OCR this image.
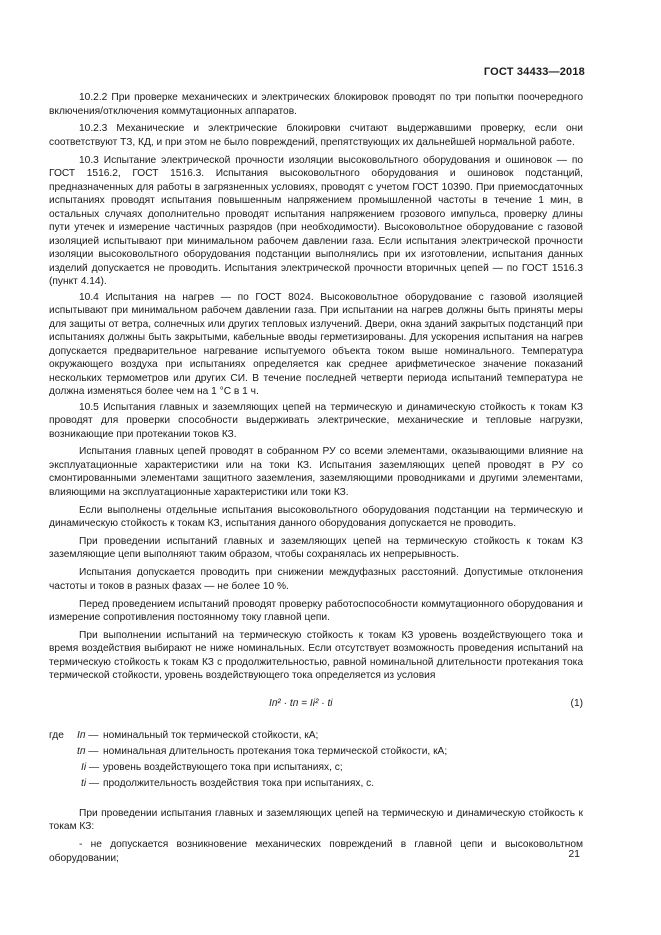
ГОСТ 34433—2018

10.2.2 При проверке механических и электрических блокировок проводят по три попытки поочередного включения/отключения коммутационных аппаратов.

10.2.3 Механические и электрические блокировки считают выдержавшими проверку, если они соответствуют ТЗ, КД, и при этом не было повреждений, препятствующих их дальнейшей нормальной работе.

10.3 Испытание электрической прочности изоляции высоковольтного оборудования и ошиновок — по ГОСТ 1516.2, ГОСТ 1516.3. Испытания высоковольтного оборудования и ошиновок подстанций, предназначенных для работы в загрязненных условиях, проводят с учетом ГОСТ 10390. При приемосдаточных испытаниях проводят испытания повышенным напряжением промышленной частоты в течение 1 мин, в остальных случаях дополнительно проводят испытания напряжением грозового импульса, проверку длины пути утечек и измерение частичных разрядов (при необходимости). Высоковольтное оборудование с газовой изоляцией испытывают при минимальном рабочем давлении газа. Если испытания электрической прочности изоляции высоковольтного оборудования подстанции выполнялись при их изготовлении, испытания данных изделий допускается не проводить. Испытания электрической прочности вторичных цепей — по ГОСТ 1516.3 (пункт 4.14).

10.4 Испытания на нагрев — по ГОСТ 8024. Высоковольтное оборудование с газовой изоляцией испытывают при минимальном рабочем давлении газа. При испытании на нагрев должны быть приняты меры для защиты от ветра, солнечных или других тепловых излучений. Двери, окна зданий закрытых подстанций при испытаниях должны быть закрытыми, кабельные вводы герметизированы. Для ускорения испытания на нагрев допускается предварительное нагревание испытуемого объекта током выше номинального. Температура окружающего воздуха при испытаниях определяется как среднее арифметическое значение показаний нескольких термометров или других СИ. В течение последней четверти периода испытаний температура не должна изменяться более чем на 1 °С в 1 ч.

10.5 Испытания главных и заземляющих цепей на термическую и динамическую стойкость к токам КЗ проводят для проверки способности выдерживать электрические, механические и тепловые нагрузки, возникающие при протекании токов КЗ.

Испытания главных цепей проводят в собранном РУ со всеми элементами, оказывающими влияние на эксплуатационные характеристики или на токи КЗ. Испытания заземляющих цепей проводят в РУ со смонтированными элементами защитного заземления, заземляющими проводниками и другими элементами, влияющими на эксплуатационные характеристики или токи КЗ.

Если выполнены отдельные испытания высоковольтного оборудования подстанции на термическую и динамическую стойкость к токам КЗ, испытания данного оборудования допускается не проводить.

При проведении испытаний главных и заземляющих цепей на термическую стойкость к токам КЗ заземляющие цепи выполняют таким образом, чтобы сохранялась их непрерывность.

Испытания допускается проводить при снижении междуфазных расстояний. Допустимые отклонения частоты и токов в разных фазах — не более 10 %.

Перед проведением испытаний проводят проверку работоспособности коммутационного оборудования и измерение сопротивления постоянному току главной цепи.

При выполнении испытаний на термическую стойкость к токам КЗ уровень воздействующего тока и время воздействия выбирают не ниже номинальных. Если отсутствует возможность проведения испытаний на термическую стойкость к токам КЗ с продолжительностью, равной номинальной длительности протекания тока термической стойкости, уровень воздействующего тока определяется из условия

Iп² · tп = Ii² · tі	(1)
где Iп — номинальный ток термической стойкости, кА;
tп — номинальная длительность протекания тока термической стойкости, кА;
Ii — уровень воздействующего тока при испытаниях, с;
ti — продолжительность воздействия тока при испытаниях, с.

При проведении испытания главных и заземляющих цепей на термическую и динамическую стойкость к токам КЗ:

- не допускается возникновение механических повреждений в главной цепи и высоковольтном оборудовании;	21
